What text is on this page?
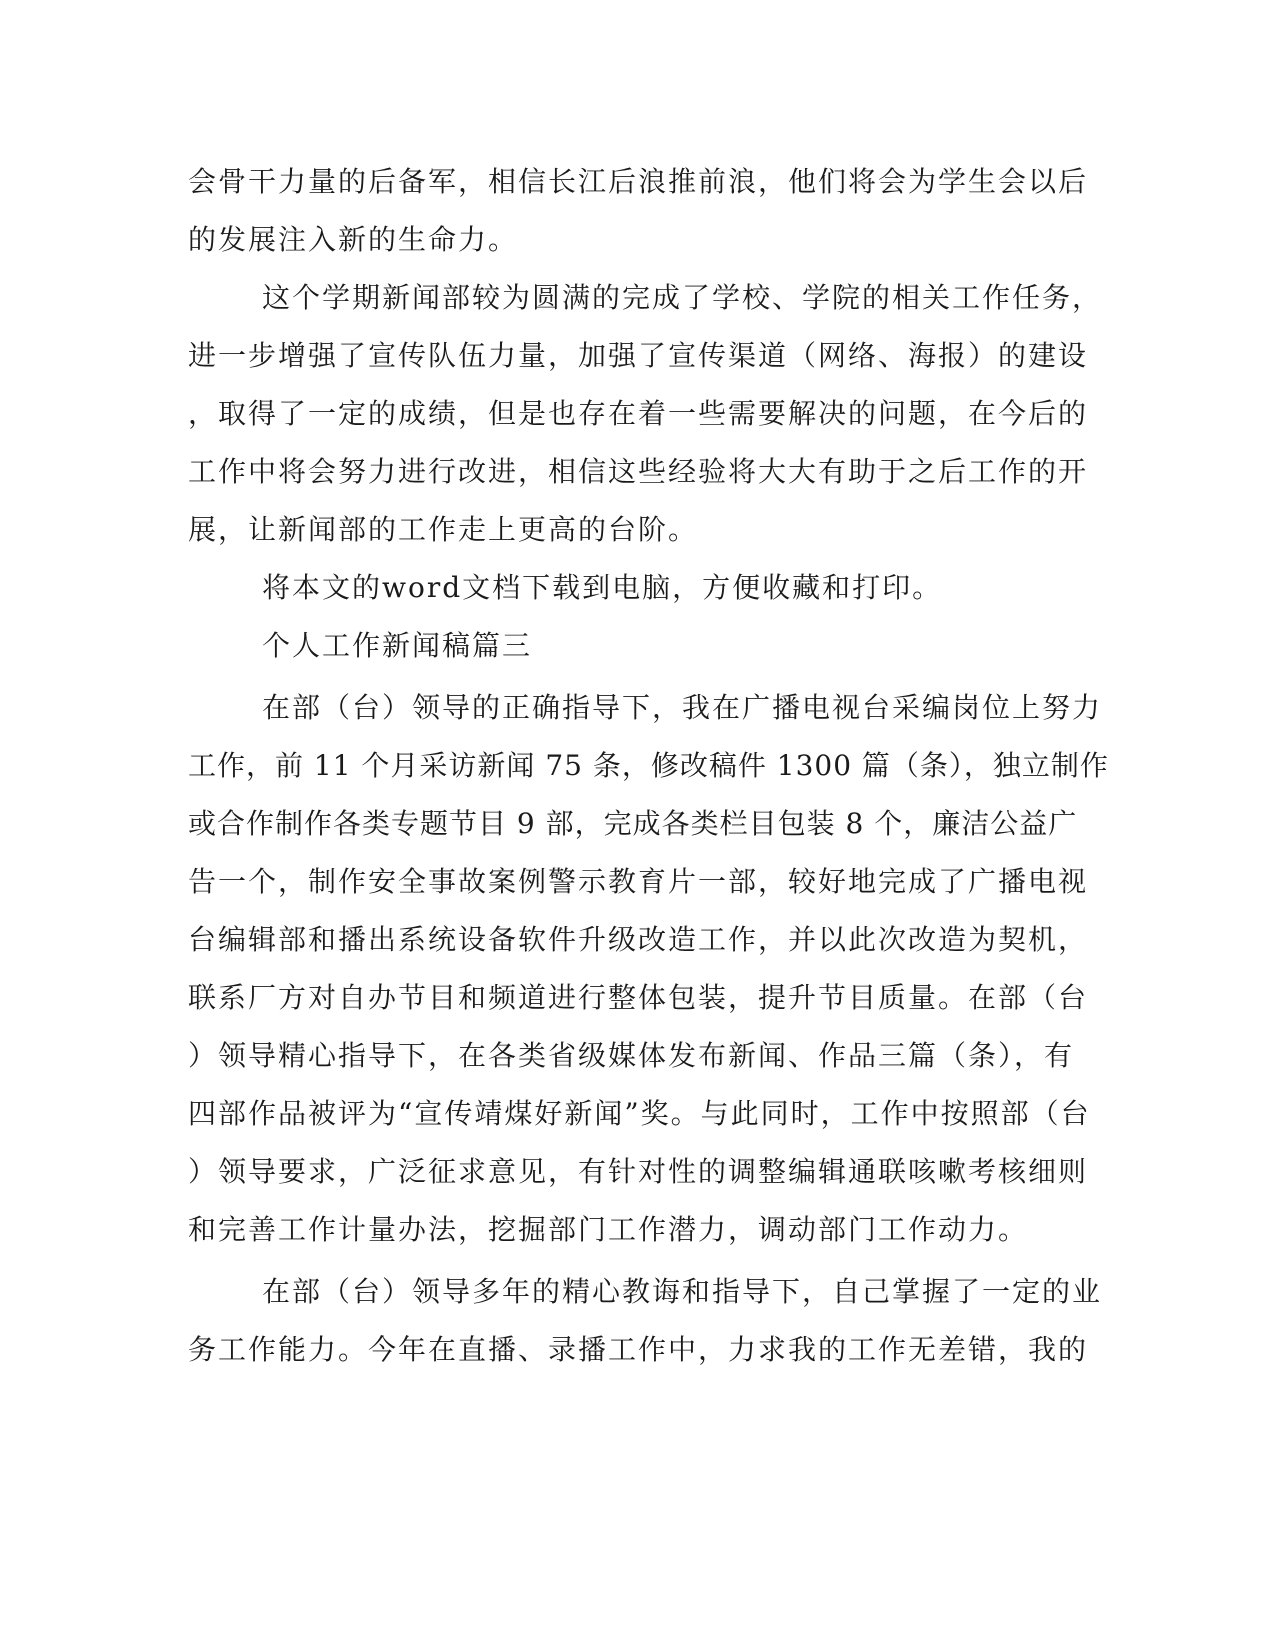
会骨干力量的后备军，相信长江后浪推前浪，他们将会为学生会以后
的发展注入新的生命力。
这个学期新闻部较为圆满的完成了学校、学院的相关工作任务，
进一步增强了宣传队伍力量，加强了宣传渠道（网络、海报）的建设
，取得了一定的成绩，但是也存在着一些需要解决的问题，在今后的
工作中将会努力进行改进，相信这些经验将大大有助于之后工作的开
展，让新闻部的工作走上更高的台阶。
将本文的word文档下载到电脑，方便收藏和打印。
个人工作新闻稿篇三
在部（台）领导的正确指导下，我在广播电视台采编岗位上努力
工作，前 11 个月采访新闻 75 条，修改稿件 1300 篇（条），独立制作
或合作制作各类专题节目 9 部，完成各类栏目包装 8 个，廉洁公益广
告一个，制作安全事故案例警示教育片一部，较好地完成了广播电视
台编辑部和播出系统设备软件升级改造工作，并以此次改造为契机，
联系厂方对自办节目和频道进行整体包装，提升节目质量。在部（台
）领导精心指导下，在各类省级媒体发布新闻、作品三篇（条），有
四部作品被评为“宣传靖煤好新闻”奖。与此同时，工作中按照部（台
）领导要求，广泛征求意见，有针对性的调整编辑通联咳嗽考核细则
和完善工作计量办法，挖掘部门工作潜力，调动部门工作动力。
在部（台）领导多年的精心教诲和指导下，自己掌握了一定的业
务工作能力。今年在直播、录播工作中，力求我的工作无差错，我的
